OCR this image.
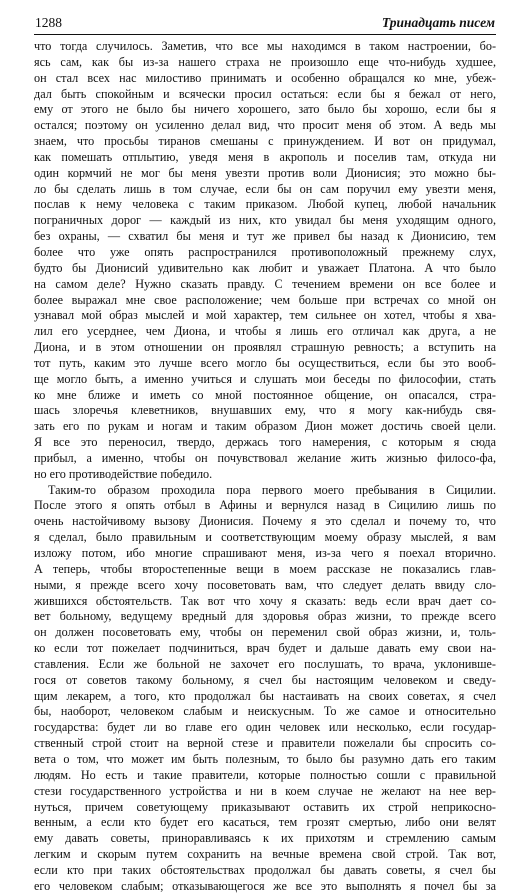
1288	Тринадцать писем

что тогда случилось. Заметив, что все мы находимся в таком настроении, бо-
ясь сам, как бы из-за нашего страха не произошло еще что-нибудь худшее,
он стал всех нас милостиво принимать и особенно обращался ко мне, убеж-
дал быть спокойным и всячески просил остаться: если бы я бежал от него,
ему от этого не было бы ничего хорошего, зато было бы хорошо, если бы я
остался; поэтому он усиленно делал вид, что просит меня об этом. А ведь мы
знаем, что просьбы тиранов смешаны с принуждением. И вот он придумал,
как помешать отплытию, уведя меня в акрополь и поселив там, откуда ни
один кормчий не мог бы меня увезти против воли Дионисия; это можно бы-
ло бы сделать лишь в том случае, если бы он сам поручил ему увезти меня,
послав к нему человека с таким приказом. Любой купец, любой начальник
пограничных дорог — каждый из них, кто увидал бы меня уходящим одного,
без охраны, — схватил бы меня и тут же привел бы назад к Дионисию, тем
более что уже опять распространился противоположный прежнему слух,
будто бы Дионисий удивительно как любит и уважает Платона. А что было
на самом деле? Нужно сказать правду. С течением времени он все более и
более выражал мне свое расположение; чем больше при встречах со мной он
узнавал мой образ мыслей и мой характер, тем сильнее он хотел, чтобы я хва-
лил его усерднее, чем Диона, и чтобы я лишь его отличал как друга, а не
Диона, и в этом отношении он проявлял страшную ревность; а вступить на
тот путь, каким это лучше всего могло бы осуществиться, если бы это вооб-
ще могло быть, а именно учиться и слушать мои беседы по философии, стать
ко мне ближе и иметь со мной постоянное общение, он опасался, стра-
шась злоречья клеветников, внушавших ему, что я могу как-нибудь свя-
зать его по рукам и ногам и таким образом Дион может достичь своей цели.
Я все это переносил, твердо, держась того намерения, с которым я сюда
прибыл, а именно, чтобы он почувствовал желание жить жизнью филосо-фа,
но его противодействие победило.

Таким-то образом проходила пора первого моего пребывания в Сицилии.
После этого я опять отбыл в Афины и вернулся назад в Сицилию лишь по
очень настойчивому вызову Дионисия. Почему я это сделал и почему то, что
я сделал, было правильным и соответствующим моему образу мыслей, я вам
изложу потом, ибо многие спрашивают меня, из-за чего я поехал вторично.
А теперь, чтобы второстепенные вещи в моем рассказе не показались глав-
ными, я прежде всего хочу посоветовать вам, что следует делать ввиду сло-
жившихся обстоятельств. Так вот что хочу я сказать: ведь если врач дает со-
вет больному, ведущему вредный для здоровья образ жизни, то прежде всего
он должен посоветовать ему, чтобы он переменил свой образ жизни, и, толь-
ко если тот пожелает подчиниться, врач будет и дальше давать ему свои на-
ставления. Если же больной не захочет его послушать, то врача, уклонивше-
гося от советов такому больному, я счел бы настоящим человеком и сведу-
щим лекарем, а того, кто продолжал бы настаивать на своих советах, я счел
бы, наоборот, человеком слабым и неискусным. То же самое и относительно
государства: будет ли во главе его один человек или несколько, если государ-
ственный строй стоит на верной стезе и правители пожелали бы спросить со-
вета о том, что может им быть полезным, то было бы разумно дать его таким
людям. Но есть и такие правители, которые полностью сошли с правильной
стези государственного устройства и ни в коем случае не желают на нее вер-
нуться, причем советующему приказывают оставить их строй неприкосно-
венным, а если кто будет его касаться, тем грозят смертью, либо они велят
ему давать советы, приноравливаясь к их прихотям и стремлению самым
легким и скорым путем сохранить на вечные времена свой строй. Так вот,
если кто при таких обстоятельствах продолжал бы давать советы, я счел бы
его человеком слабым; отказывающегося же все это выполнять я почел бы за
